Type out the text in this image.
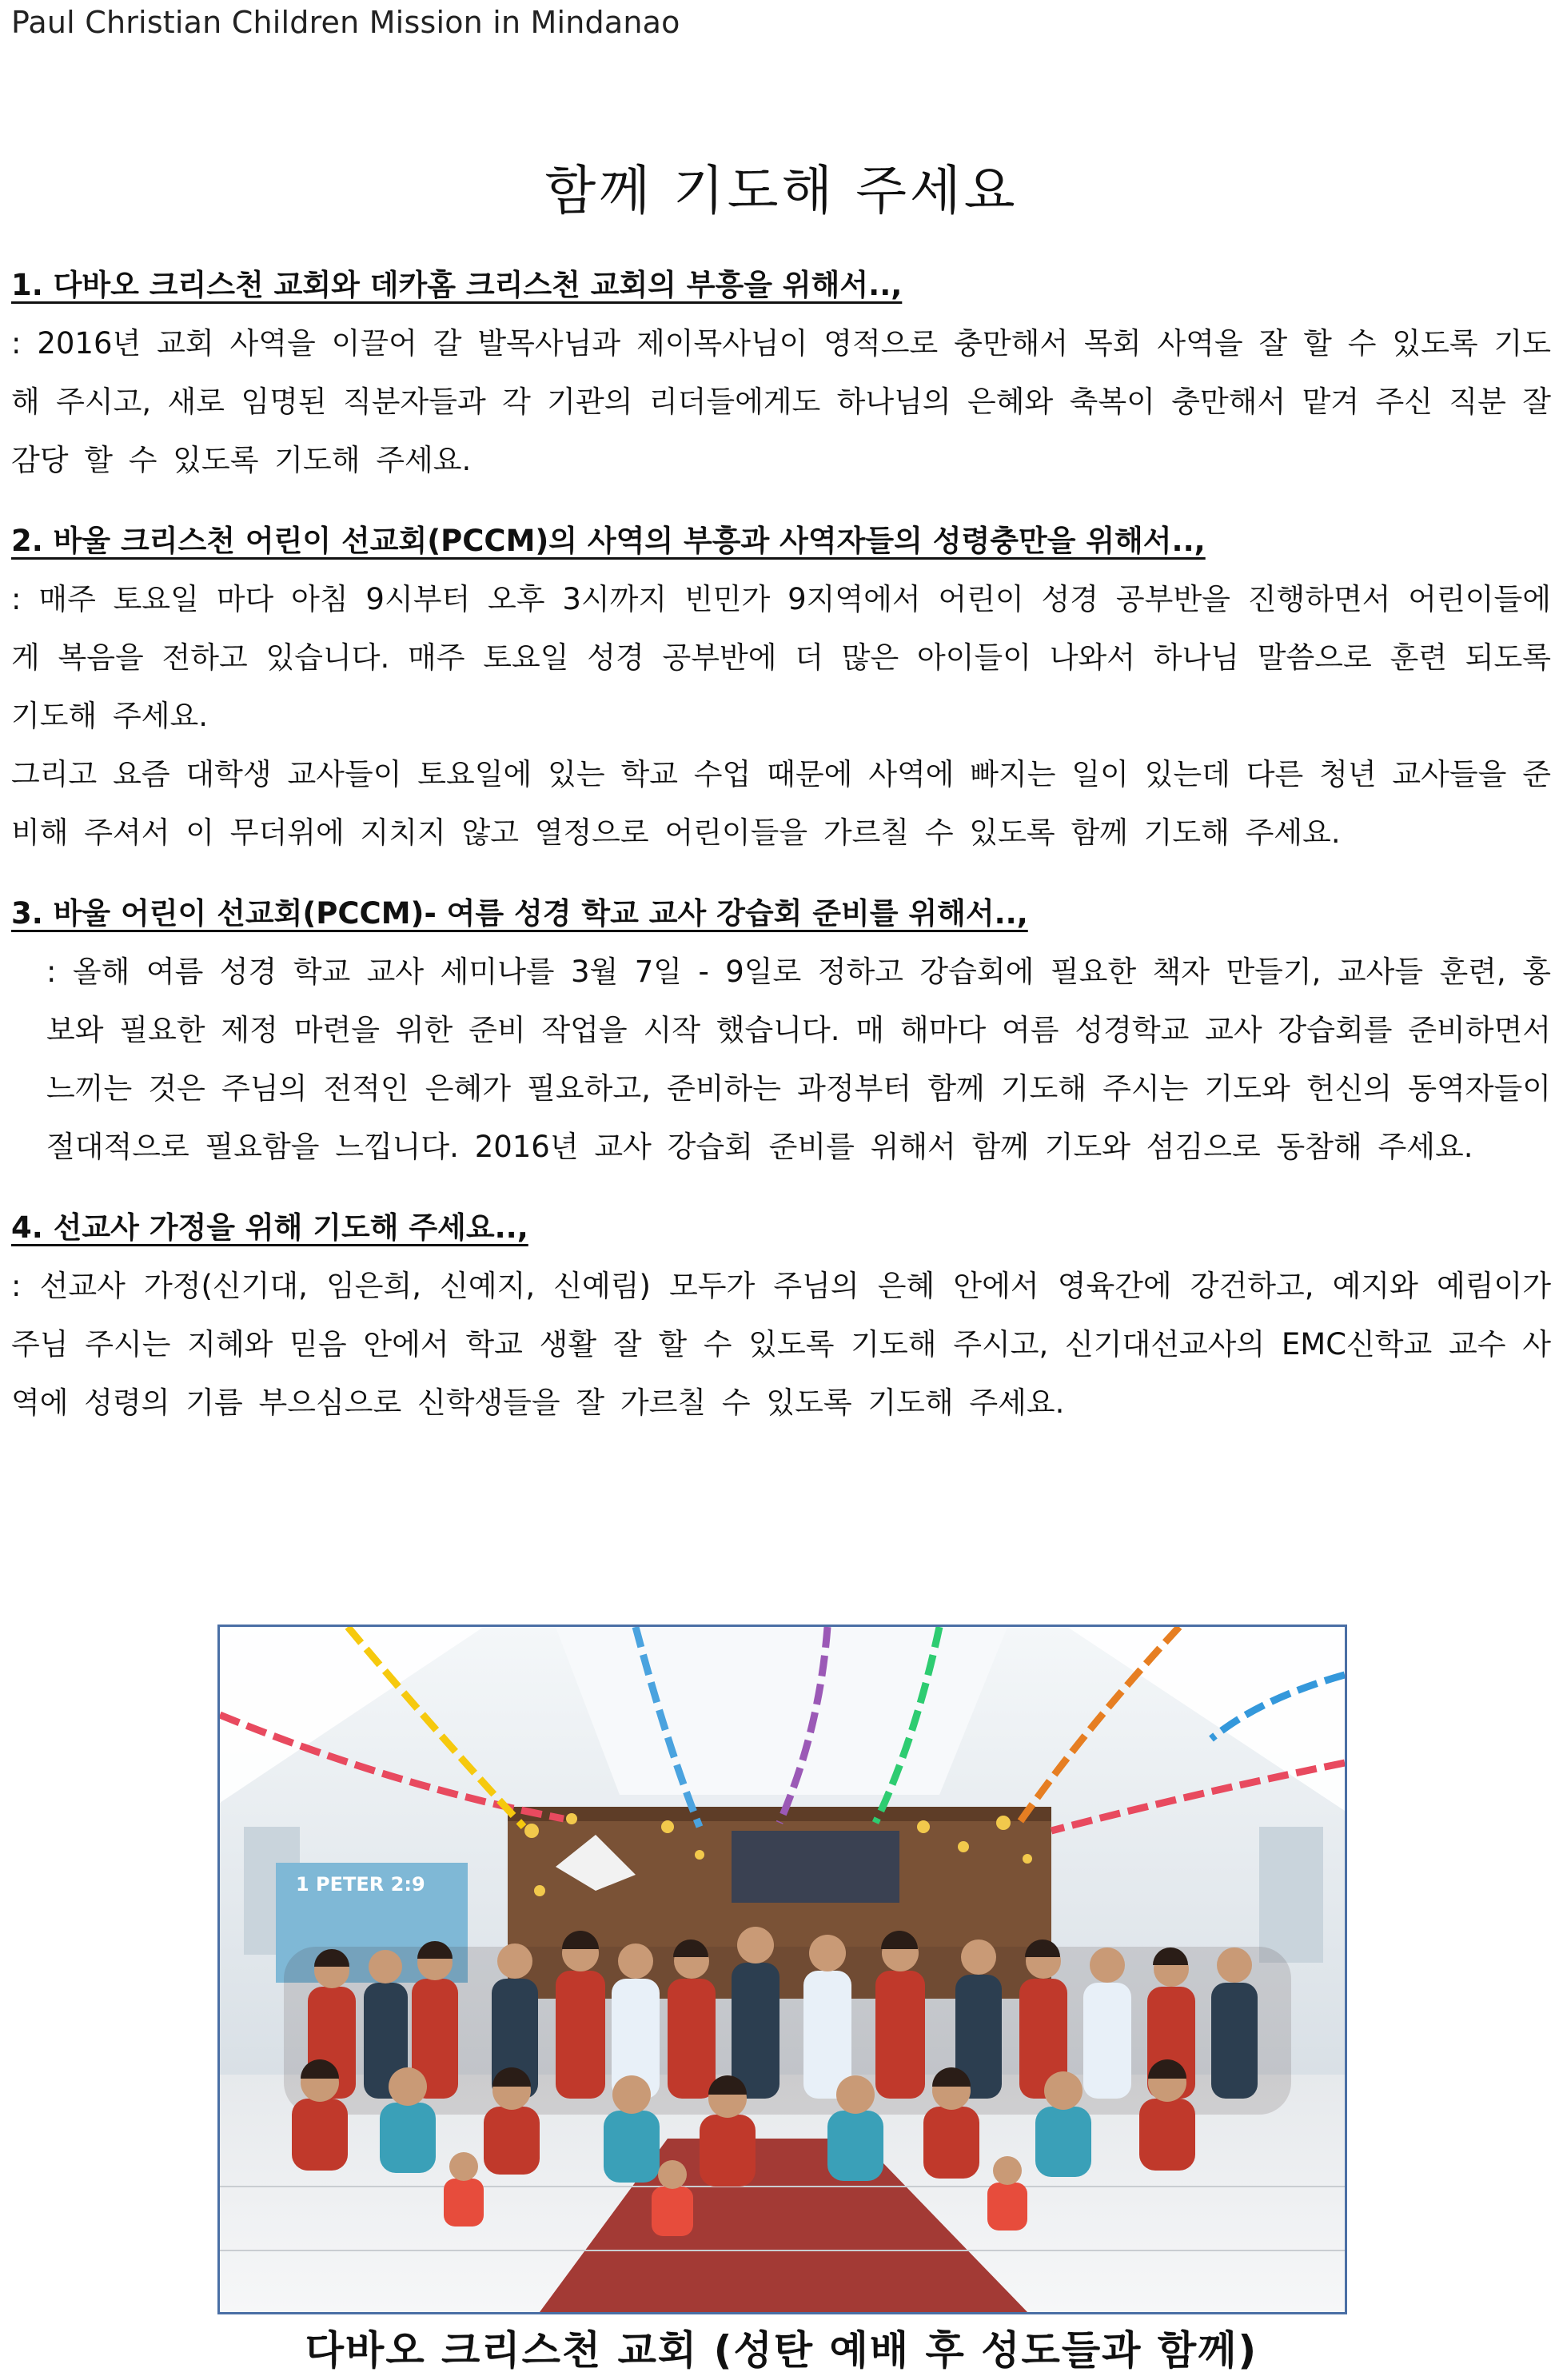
Paul Christian Children Mission in Mindanao
함께 기도해 주세요
1. 다바오 크리스천 교회와 데카홈 크리스천 교회의 부흥을 위해서..,

: 2016년 교회 사역을 이끌어 갈 발목사님과 제이목사님이 영적으로 충만해서 목회 사역을 잘 할 수 있도록 기도해 주시고, 새로 임명된 직분자들과 각 기관의 리더들에게도 하나님의 은혜와 축복이 충만해서 맡겨 주신 직분 잘 감당 할 수 있도록 기도해 주세요.

2. 바울 크리스천 어린이 선교회(PCCM)의 사역의 부흥과 사역자들의 성령충만을 위해서..,

: 매주 토요일 마다 아침 9시부터 오후 3시까지 빈민가 9지역에서 어린이 성경 공부반을 진행하면서 어린이들에게 복음을 전하고 있습니다. 매주 토요일 성경 공부반에 더 많은 아이들이 나와서 하나님 말씀으로 훈련 되도록 기도해 주세요.

그리고 요즘 대학생 교사들이 토요일에 있는 학교 수업 때문에 사역에 빠지는 일이 있는데 다른 청년 교사들을 준비해 주셔서 이 무더위에 지치지 않고 열정으로 어린이들을 가르칠 수 있도록 함께 기도해 주세요.

3. 바울 어린이 선교회(PCCM)- 여름 성경 학교 교사 강습회 준비를 위해서..,

: 올해 여름 성경 학교 교사 세미나를 3월 7일 - 9일로 정하고 강습회에 필요한 책자 만들기, 교사들 훈련, 홍보와 필요한 제정 마련을 위한 준비 작업을 시작 했습니다. 매 해마다 여름 성경학교 교사 강습회를 준비하면서 느끼는 것은 주님의 전적인 은혜가 필요하고, 준비하는 과정부터 함께 기도해 주시는 기도와 헌신의 동역자들이 절대적으로 필요함을 느낍니다. 2016년 교사 강습회 준비를 위해서 함께 기도와 섬김으로 동참해 주세요.

4. 선교사 가정을 위해 기도해 주세요..,

: 선교사 가정(신기대, 임은희, 신예지, 신예림) 모두가 주님의 은혜 안에서 영육간에 강건하고, 예지와 예림이가 주님 주시는 지혜와 믿음 안에서 학교 생활 잘 할 수 있도록 기도해 주시고, 신기대선교사의 EMC신학교 교수 사역에 성령의 기름 부으심으로 신학생들을 잘 가르칠 수 있도록 기도해 주세요.

1 PETER 2:9
다바오 크리스천 교회 (성탄 예배 후 성도들과 함께)
